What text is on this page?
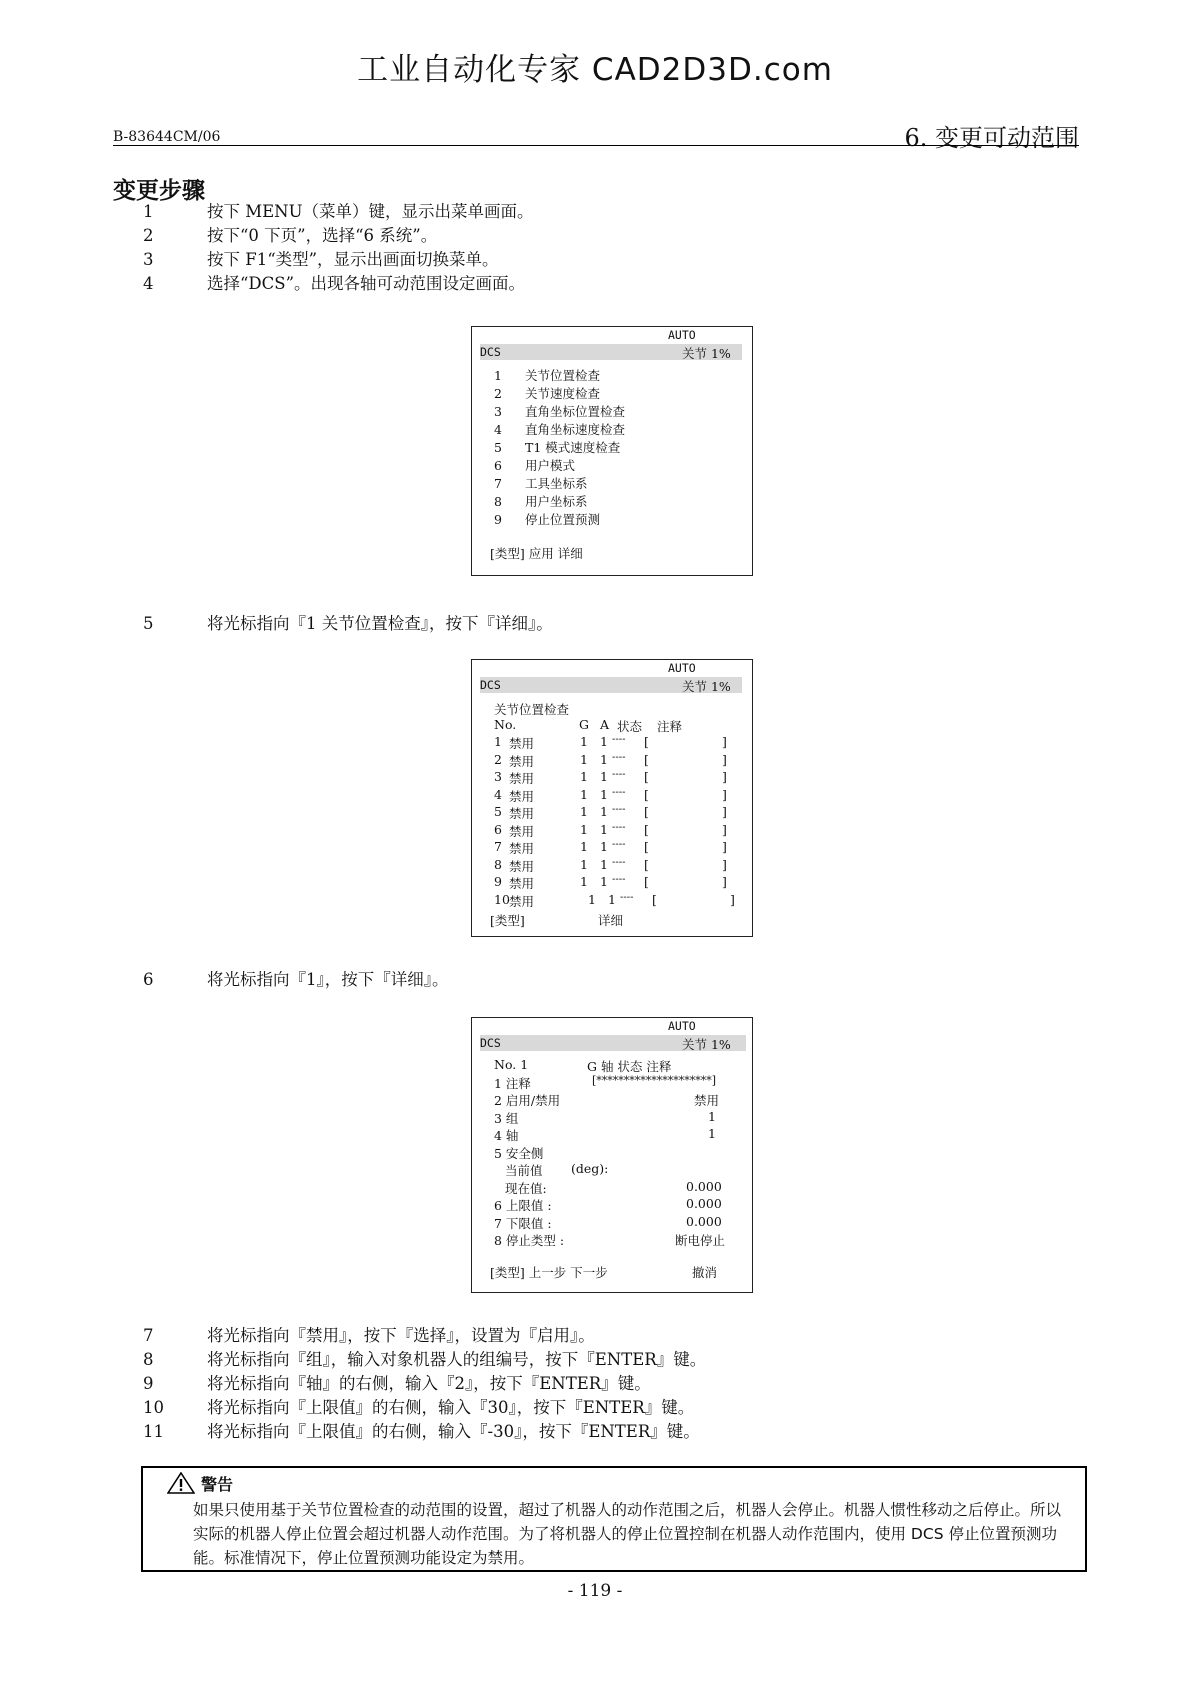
工业自动化专家 CAD2D3D.com
B-83644CM/06	6. 变更可动范围
变更步骤
1	按下 MENU（菜单）键，显示出菜单画面。
2	按下“0 下页”，选择“6 系统”。
3	按下 F1“类型”，显示出画面切换菜单。
4	选择“DCS”。出现各轴可动范围设定画面。
AUTO
DCS	关节 1%
1 关节位置检查
2 关节速度检查
3 直角坐标位置检查
4 直角坐标速度检查
5 T1 模式速度检查
6 用户模式
7 工具坐标系
8 用户坐标系
9 停止位置预测
[类型] 应用 详细
5	将光标指向『1 关节位置检查』，按下『详细』。
AUTO
DCS	关节 1%
关节位置检查
No.	G A 状态 注释
1 禁用	1 1 ---- [	]
2 禁用	1 1 ---- [	]
3 禁用	1 1 ---- [	]
4 禁用	1 1 ---- [	]
5 禁用	1 1 ---- [	]
6 禁用	1 1 ---- [	]
7 禁用	1 1 ---- [	]
8 禁用	1 1 ---- [	]
9 禁用	1 1 ---- [	]
10 禁用	1 1 ---- [	]
[类型]	详细
6	将光标指向『1』，按下『详细』。
AUTO
DCS	关节 1%
No. 1	G 轴 状态 注释
1 注释	[*********************]
2 启用/禁用	禁用
3 组	1
4 轴	1
5 安全侧
当前值 (deg):
现在值:	0.000
6 上限值 :	0.000
7 下限值 :	0.000
8 停止类型 :	断电停止
[类型] 上一步 下一步	撤消
7	将光标指向『禁用』，按下『选择』，设置为『启用』。
8	将光标指向『组』，输入对象机器人的组编号，按下『ENTER』键。
9	将光标指向『轴』的右侧，输入『2』，按下『ENTER』键。
10	将光标指向『上限值』的右侧，输入『30』，按下『ENTER』键。
11	将光标指向『上限值』的右侧，输入『-30』，按下『ENTER』键。
警告
如果只使用基于关节位置检查的动范围的设置，超过了机器人的动作范围之后，机器人会停止。机器人惯性移动之后停止。所以实际的机器人停止位置会超过机器人动作范围。为了将机器人的停止位置控制在机器人动作范围内，使用 DCS 停止位置预测功能。标准情况下，停止位置预测功能设定为禁用。
- 119 -
